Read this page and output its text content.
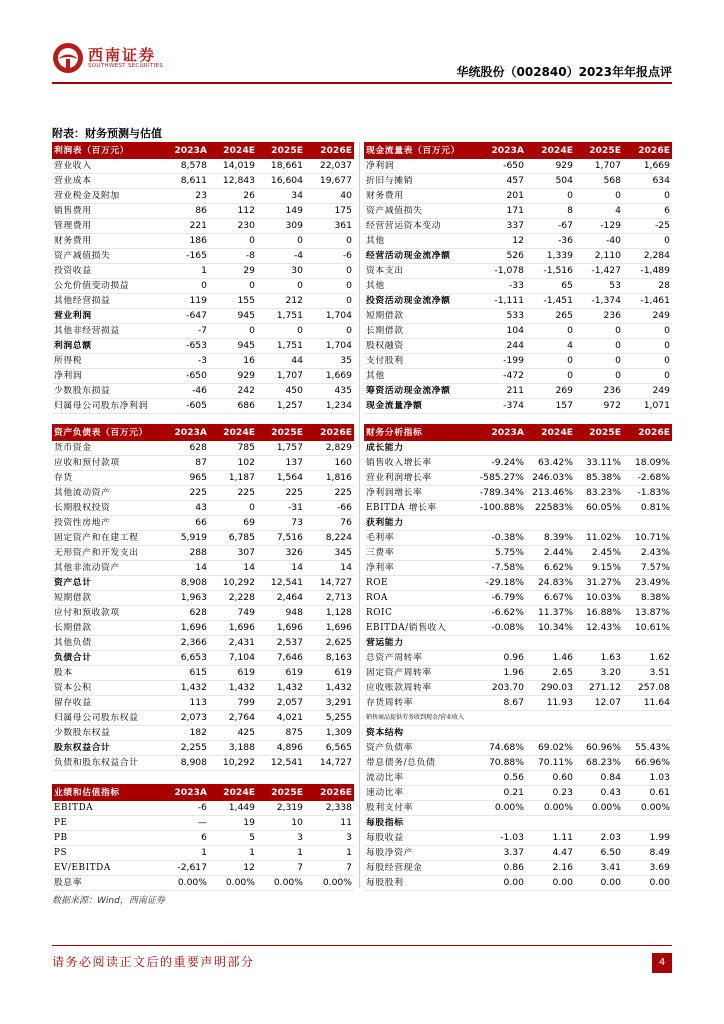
西南证券
SOUTHWEST SECURITIES	华统股份（002840）2023年年报点评
附表：财务预测与估值
利润表（百万元）	2023A	2024E	2025E	2026E
营业收入	8,578	14,019	18,661	22,037
营业成本	8,611	12,843	16,604	19,677
营业税金及附加	23	26	34	40
销售费用	86	112	149	175
管理费用	221	230	309	361
财务费用	186	0	0	0
资产减值损失	-165	-8	-4	-6
投资收益	1	29	30	0
公允价值变动损益	0	0	0	0
其他经营损益	119	155	212	0
营业利润	-647	945	1,751	1,704
其他非经营损益	-7	0	0	0
利润总额	-653	945	1,751	1,704
所得税	-3	16	44	35
净利润	-650	929	1,707	1,669
少数股东损益	-46	242	450	435
归属母公司股东净利润	-605	686	1,257	1,234
现金流量表（百万元）	2023A	2024E	2025E	2026E
净利润	-650	929	1,707	1,669
折旧与摊销	457	504	568	634
财务费用	201	0	0	0
资产减值损失	171	8	4	6
经营营运资本变动	337	-67	-129	-25
其他	12	-36	-40	0
经营活动现金流净额	526	1,339	2,110	2,284
资本支出	-1,078	-1,516	-1,427	-1,489
其他	-33	65	53	28
投资活动现金流净额	-1,111	-1,451	-1,374	-1,461
短期借款	533	265	236	249
长期借款	104	0	0	0
股权融资	244	4	0	0
支付股利	-199	0	0	0
其他	-472	0	0	0
筹资活动现金流净额	211	269	236	249
现金流量净额	-374	157	972	1,071
资产负债表（百万元）	2023A	2024E	2025E	2026E
货币资金	628	785	1,757	2,829
应收和预付款项	87	102	137	160
存货	965	1,187	1,564	1,816
其他流动资产	225	225	225	225
长期股权投资	43	0	-31	-66
投资性房地产	66	69	73	76
固定资产和在建工程	5,919	6,785	7,516	8,224
无形资产和开发支出	288	307	326	345
其他非流动资产	14	14	14	14
资产总计	8,908	10,292	12,541	14,727
短期借款	1,963	2,228	2,464	2,713
应付和预收款项	628	749	948	1,128
长期借款	1,696	1,696	1,696	1,696
其他负债	2,366	2,431	2,537	2,625
负债合计	6,653	7,104	7,646	8,163
股本	615	619	619	619
资本公积	1,432	1,432	1,432	1,432
留存收益	113	799	2,057	3,291
归属母公司股东权益	2,073	2,764	4,021	5,255
少数股东权益	182	425	875	1,309
股东权益合计	2,255	3,188	4,896	6,565
负债和股东权益合计	8,908	10,292	12,541	14,727
财务分析指标	2023A	2024E	2025E	2026E
成长能力				
销售收入增长率	-9.24%	63.42%	33.11%	18.09%
营业利润增长率	-585.27%	246.03%	85.38%	-2.68%
净利润增长率	-789.34%	213.46%	83.23%	-1.83%
EBITDA 增长率	-100.88%	22583%	60.05%	0.81%
获利能力				
毛利率	-0.38%	8.39%	11.02%	10.71%
三费率	5.75%	2.44%	2.45%	2.43%
净利率	-7.58%	6.62%	9.15%	7.57%
ROE	-29.18%	24.83%	31.27%	23.49%
ROA	-6.79%	6.67%	10.03%	8.38%
ROIC	-6.62%	11.37%	16.88%	13.87%
EBITDA/销售收入	-0.08%	10.34%	12.43%	10.61%
营运能力				
总资产周转率	0.96	1.46	1.63	1.62
固定资产周转率	1.96	2.65	3.20	3.51
应收账款周转率	203.70	290.03	271.12	257.08
存货周转率	8.67	11.93	12.07	11.64
销售商品提供劳务收到现金/营业收入				
资本结构				
资产负债率	74.68%	69.02%	60.96%	55.43%
带息债务/总负债	70.88%	70.11%	68.23%	66.96%
流动比率	0.56	0.60	0.84	1.03
速动比率	0.21	0.23	0.43	0.61
股利支付率	0.00%	0.00%	0.00%	0.00%
每股指标				
每股收益	-1.03	1.11	2.03	1.99
每股净资产	3.37	4.47	6.50	8.49
每股经营现金	0.86	2.16	3.41	3.69
每股股利	0.00	0.00	0.00	0.00
业绩和估值指标	2023A	2024E	2025E	2026E
EBITDA	-6	1,449	2,319	2,338
PE	—	19	10	11
PB	6	5	3	3
PS	1	1	1	1
EV/EBITDA	-2,617	12	7	7
股息率	0.00%	0.00%	0.00%	0.00%
数据来源：Wind，西南证券
请务必阅读正文后的重要声明部分	4
